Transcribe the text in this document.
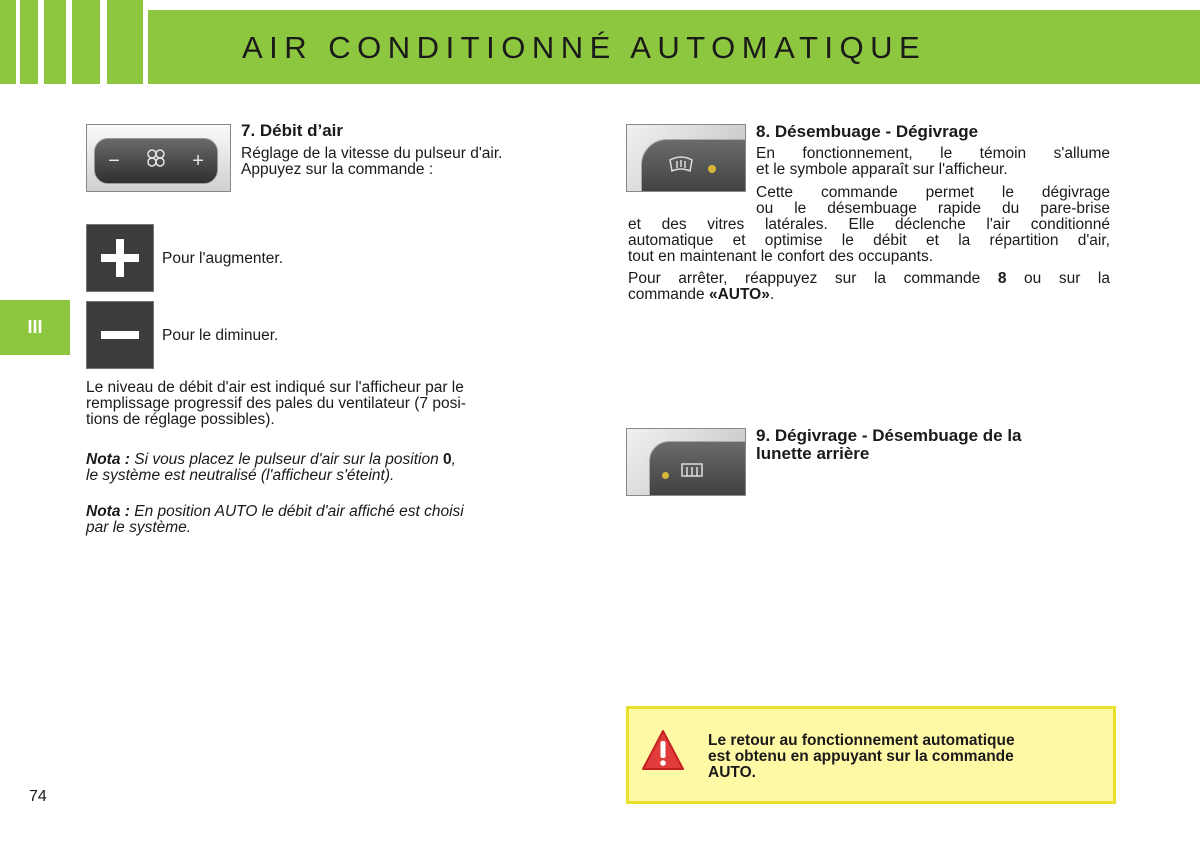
AIR CONDITIONNÉ AUTOMATIQUE
III
−	+
7. Débit d’air
Réglage de la vitesse du pulseur d'air.
Appuyez sur la commande :
Pour l'augmenter.
Pour le diminuer.
Le niveau de débit d'air est indiqué sur l'afficheur par le
remplissage progressif des pales du ventilateur (7 posi-
tions de réglage possibles).
Nota : Si vous placez le pulseur d'air sur la position 0,
le système est neutralisé (l'afficheur s'éteint).
Nota : En position AUTO le débit d'air affiché est choisi
par le système.
8. Désembuage - Dégivrage
En fonctionnement, le témoin s'allume
et le symbole apparaît sur l'afficheur.
Cette commande permet le dégivrage
ou le désembuage rapide du pare-brise
et des vitres latérales. Elle déclenche l'air conditionné
automatique et optimise le débit et la répartition d'air,
tout en maintenant le confort des occupants.
Pour arrêter, réappuyez sur la commande 8 ou sur la
commande «AUTO».
9. Dégivrage - Désembuage de la
lunette arrière
Le retour au fonctionnement automatique
est obtenu en appuyant sur la commande
AUTO.
74
